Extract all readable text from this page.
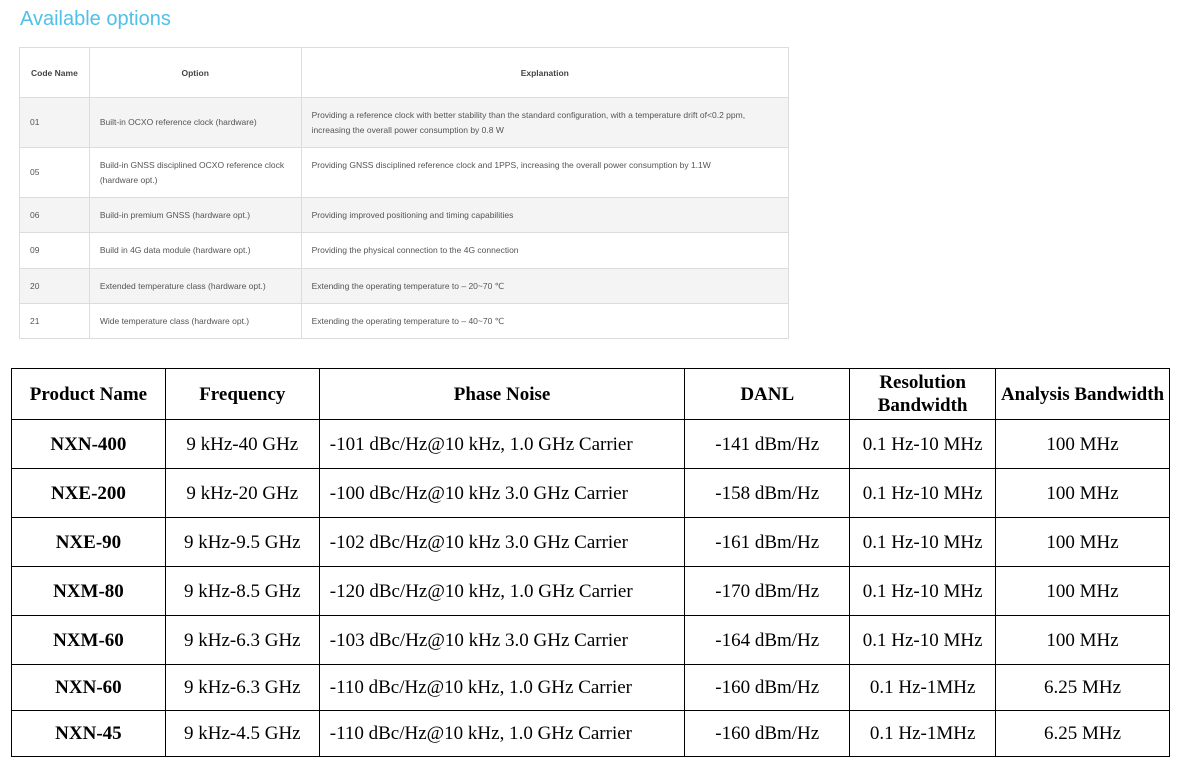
Available options
Code Name	Option	Explanation
01	Built-in OCXO reference clock (hardware)	Providing a reference clock with better stability than the standard configuration, with a temperature drift of<0.2 ppm, increasing the overall power consumption by 0.8 W
05	Build-in GNSS disciplined OCXO reference clock (hardware opt.)	Providing GNSS disciplined reference clock and 1PPS, increasing the overall power consumption by 1.1W
06	Build-in premium GNSS (hardware opt.)	Providing improved positioning and timing capabilities
09	Build in 4G data module (hardware opt.)	Providing the physical connection to the 4G connection
20	Extended temperature class (hardware opt.)	Extending the operating temperature to – 20~70 ℃
21	Wide temperature class (hardware opt.)	Extending the operating temperature to – 40~70 ℃
Product Name	Frequency	Phase Noise	DANL	Resolution Bandwidth	Analysis Bandwidth
NXN-400	9 kHz-40 GHz	-101 dBc/Hz@10 kHz, 1.0 GHz Carrier	-141 dBm/Hz	0.1 Hz-10 MHz	100 MHz
NXE-200	9 kHz-20 GHz	-100 dBc/Hz@10 kHz 3.0 GHz Carrier	-158 dBm/Hz	0.1 Hz-10 MHz	100 MHz
NXE-90	9 kHz-9.5 GHz	-102 dBc/Hz@10 kHz 3.0 GHz Carrier	-161 dBm/Hz	0.1 Hz-10 MHz	100 MHz
NXM-80	9 kHz-8.5 GHz	-120 dBc/Hz@10 kHz, 1.0 GHz Carrier	-170 dBm/Hz	0.1 Hz-10 MHz	100 MHz
NXM-60	9 kHz-6.3 GHz	-103 dBc/Hz@10 kHz 3.0 GHz Carrier	-164 dBm/Hz	0.1 Hz-10 MHz	100 MHz
NXN-60	9 kHz-6.3 GHz	-110 dBc/Hz@10 kHz, 1.0 GHz Carrier	-160 dBm/Hz	0.1 Hz-1MHz	6.25 MHz
NXN-45	9 kHz-4.5 GHz	-110 dBc/Hz@10 kHz, 1.0 GHz Carrier	-160 dBm/Hz	0.1 Hz-1MHz	6.25 MHz
